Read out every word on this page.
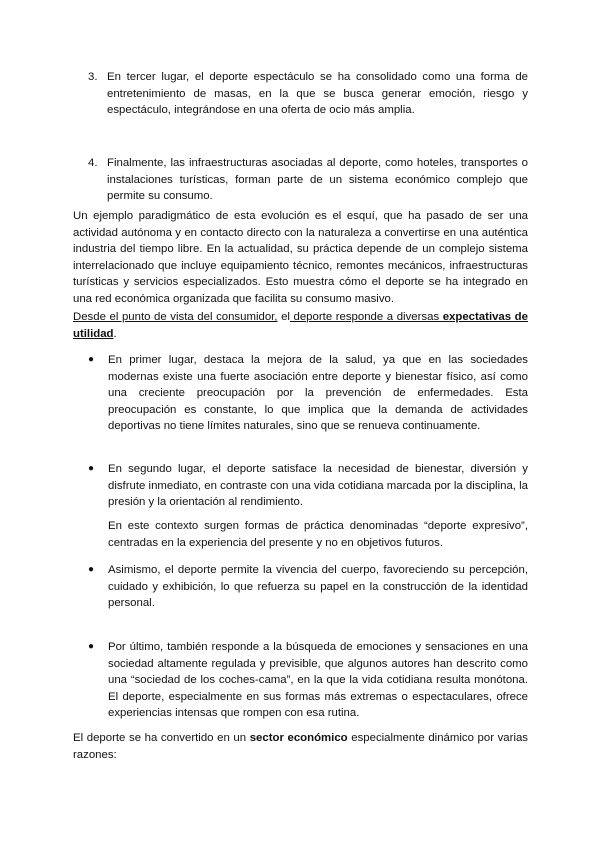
3. En tercer lugar, el deporte espectáculo se ha consolidado como una forma de entretenimiento de masas, en la que se busca generar emoción, riesgo y espectáculo, integrándose en una oferta de ocio más amplia.
4. Finalmente, las infraestructuras asociadas al deporte, como hoteles, transportes o instalaciones turísticas, forman parte de un sistema económico complejo que permite su consumo.
Un ejemplo paradigmático de esta evolución es el esquí, que ha pasado de ser una actividad autónoma y en contacto directo con la naturaleza a convertirse en una auténtica industria del tiempo libre. En la actualidad, su práctica depende de un complejo sistema interrelacionado que incluye equipamiento técnico, remontes mecánicos, infraestructuras turísticas y servicios especializados. Esto muestra cómo el deporte se ha integrado en una red económica organizada que facilita su consumo masivo.
Desde el punto de vista del consumidor, el deporte responde a diversas expectativas de utilidad.
● En primer lugar, destaca la mejora de la salud, ya que en las sociedades modernas existe una fuerte asociación entre deporte y bienestar físico, así como una creciente preocupación por la prevención de enfermedades. Esta preocupación es constante, lo que implica que la demanda de actividades deportivas no tiene límites naturales, sino que se renueva continuamente.
● En segundo lugar, el deporte satisface la necesidad de bienestar, diversión y disfrute inmediato, en contraste con una vida cotidiana marcada por la disciplina, la presión y la orientación al rendimiento.
En este contexto surgen formas de práctica denominadas “deporte expresivo”, centradas en la experiencia del presente y no en objetivos futuros.
● Asimismo, el deporte permite la vivencia del cuerpo, favoreciendo su percepción, cuidado y exhibición, lo que refuerza su papel en la construcción de la identidad personal.
● Por último, también responde a la búsqueda de emociones y sensaciones en una sociedad altamente regulada y previsible, que algunos autores han descrito como una “sociedad de los coches-cama”, en la que la vida cotidiana resulta monótona. El deporte, especialmente en sus formas más extremas o espectaculares, ofrece experiencias intensas que rompen con esa rutina.
El deporte se ha convertido en un sector económico especialmente dinámico por varias razones:
